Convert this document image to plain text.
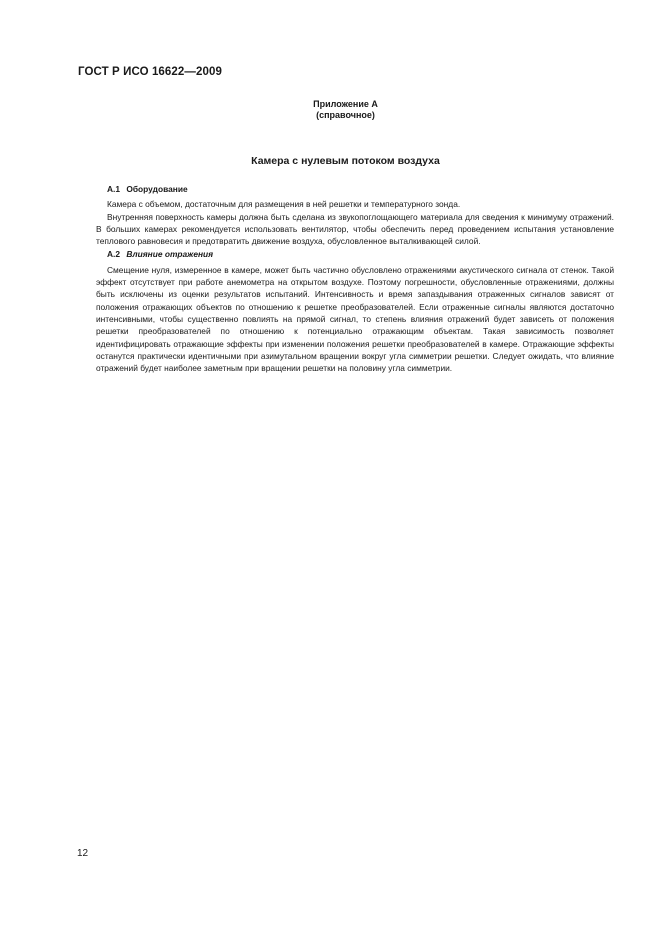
ГОСТ Р ИСО 16622—2009
Приложение А
(справочное)
Камера с нулевым потоком воздуха
А.1 Оборудование

Камера с объемом, достаточным для размещения в ней решетки и температурного зонда.

Внутренняя поверхность камеры должна быть сделана из звукопоглощающего материала для сведения к минимуму отражений. В больших камерах рекомендуется использовать вентилятор, чтобы обеспечить перед проведением испытания установление теплового равновесия и предотвратить движение воздуха, обусловленное выталкивающей силой.

А.2 Влияние отражения

Смещение нуля, измеренное в камере, может быть частично обусловлено отражениями акустического сигнала от стенок. Такой эффект отсутствует при работе анемометра на открытом воздухе. Поэтому погрешности, обусловленные отражениями, должны быть исключены из оценки результатов испытаний. Интенсивность и время запаздывания отраженных сигналов зависят от положения отражающих объектов по отношению к решетке преобразователей. Если отраженные сигналы являются достаточно интенсивными, чтобы существенно повлиять на прямой сигнал, то степень влияния отражений будет зависеть от положения решетки преобразователей по отношению к потенциально отражающим объектам. Такая зависимость позволяет идентифицировать отражающие эффекты при изменении положения решетки преобразователей в камере. Отражающие эффекты останутся практически идентичными при азимутальном вращении вокруг угла симметрии решетки. Следует ожидать, что влияние отражений будет наиболее заметным при вращении решетки на половину угла симметрии.

12
